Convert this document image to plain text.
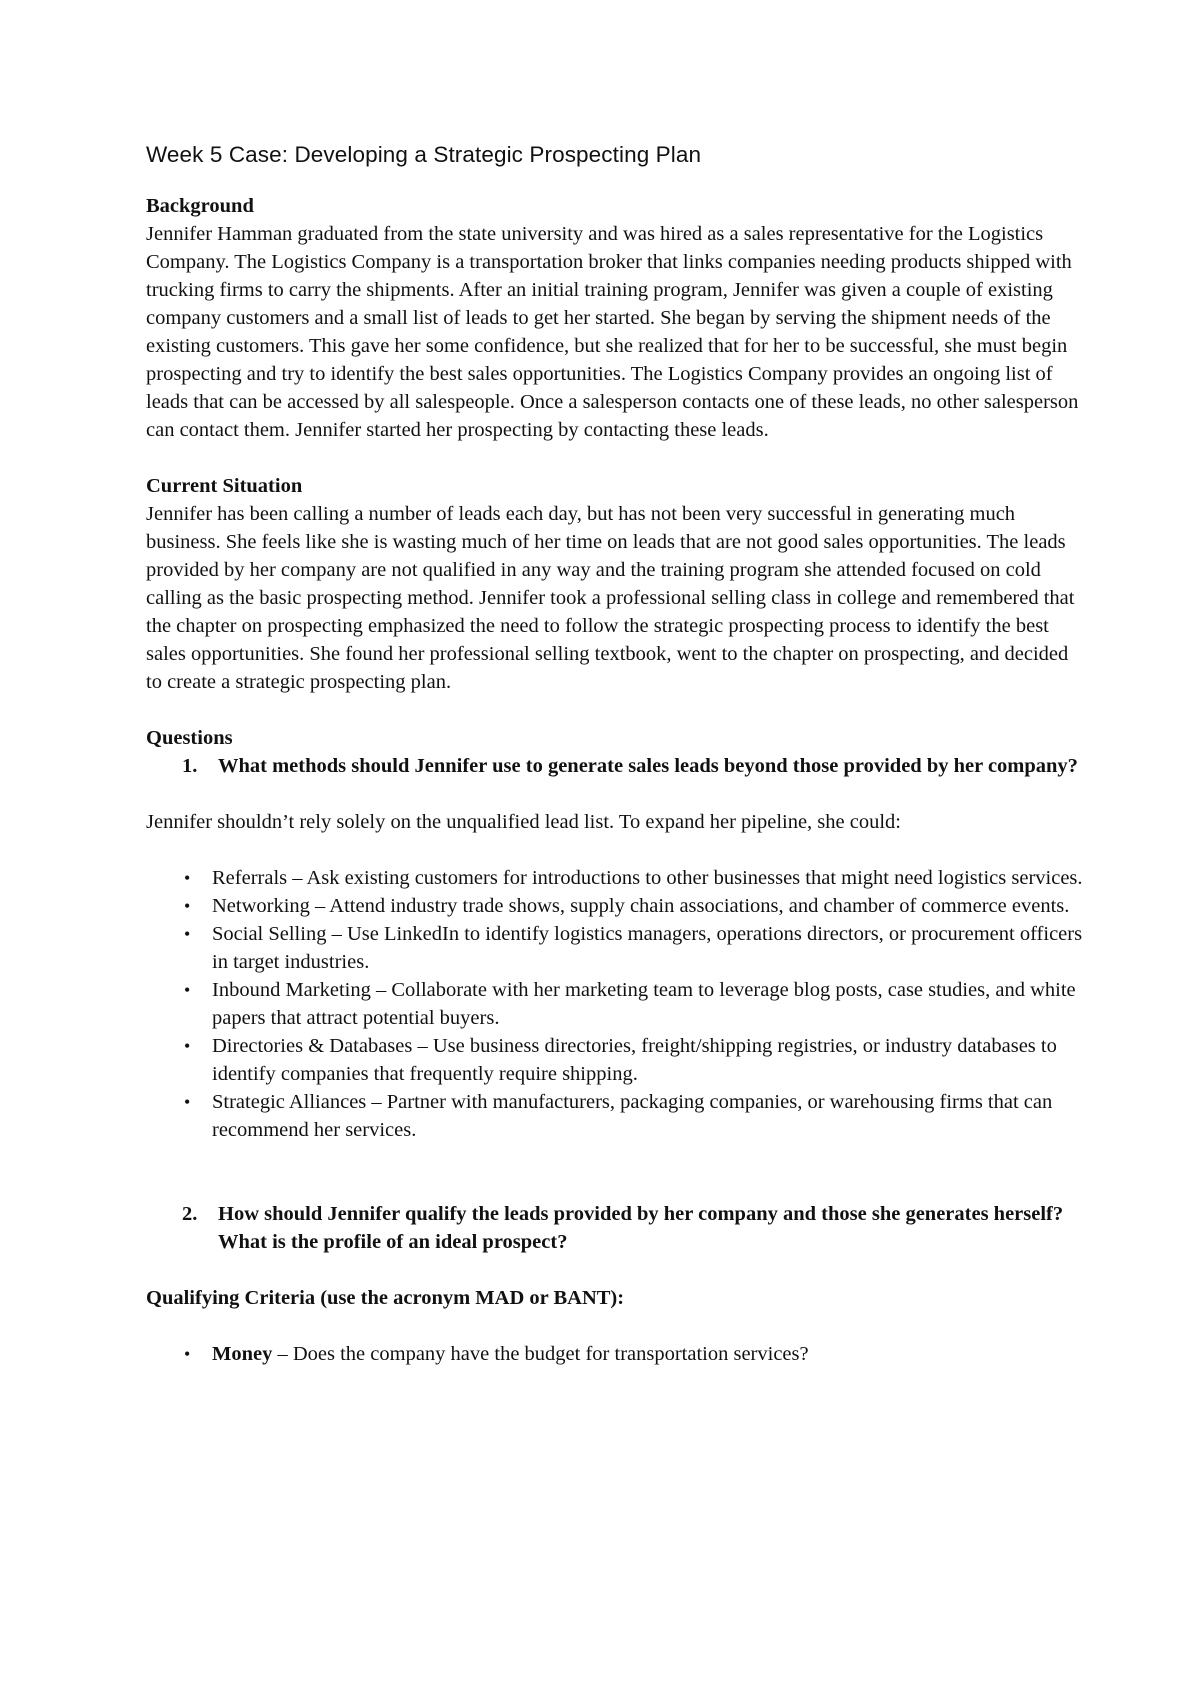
Week 5 Case: Developing a Strategic Prospecting Plan

Background

Jennifer Hamman graduated from the state university and was hired as a sales representative for the Logistics Company. The Logistics Company is a transportation broker that links companies needing products shipped with trucking firms to carry the shipments. After an initial training program, Jennifer was given a couple of existing company customers and a small list of leads to get her started. She began by serving the shipment needs of the existing customers. This gave her some confidence, but she realized that for her to be successful, she must begin prospecting and try to identify the best sales opportunities. The Logistics Company provides an ongoing list of leads that can be accessed by all salespeople. Once a salesperson contacts one of these leads, no other salesperson can contact them. Jennifer started her prospecting by contacting these leads.

Current Situation

Jennifer has been calling a number of leads each day, but has not been very successful in generating much business. She feels like she is wasting much of her time on leads that are not good sales opportunities. The leads provided by her company are not qualified in any way and the training program she attended focused on cold calling as the basic prospecting method. Jennifer took a professional selling class in college and remembered that the chapter on prospecting emphasized the need to follow the strategic prospecting process to identify the best sales opportunities. She found her professional selling textbook, went to the chapter on prospecting, and decided to create a strategic prospecting plan.

Questions

1.	What methods should Jennifer use to generate sales leads beyond those provided by her company?

Jennifer shouldn’t rely solely on the unqualified lead list. To expand her pipeline, she could:

•	Referrals – Ask existing customers for introductions to other businesses that might need logistics services.
•	Networking – Attend industry trade shows, supply chain associations, and chamber of commerce events.
•	Social Selling – Use LinkedIn to identify logistics managers, operations directors, or procurement officers in target industries.
•	Inbound Marketing – Collaborate with her marketing team to leverage blog posts, case studies, and white papers that attract potential buyers.
•	Directories & Databases – Use business directories, freight/shipping registries, or industry databases to identify companies that frequently require shipping.
•	Strategic Alliances – Partner with manufacturers, packaging companies, or warehousing firms that can recommend her services.
2.	How should Jennifer qualify the leads provided by her company and those she generates herself? What is the profile of an ideal prospect?

Qualifying Criteria (use the acronym MAD or BANT):

•	Money – Does the company have the budget for transportation services?
